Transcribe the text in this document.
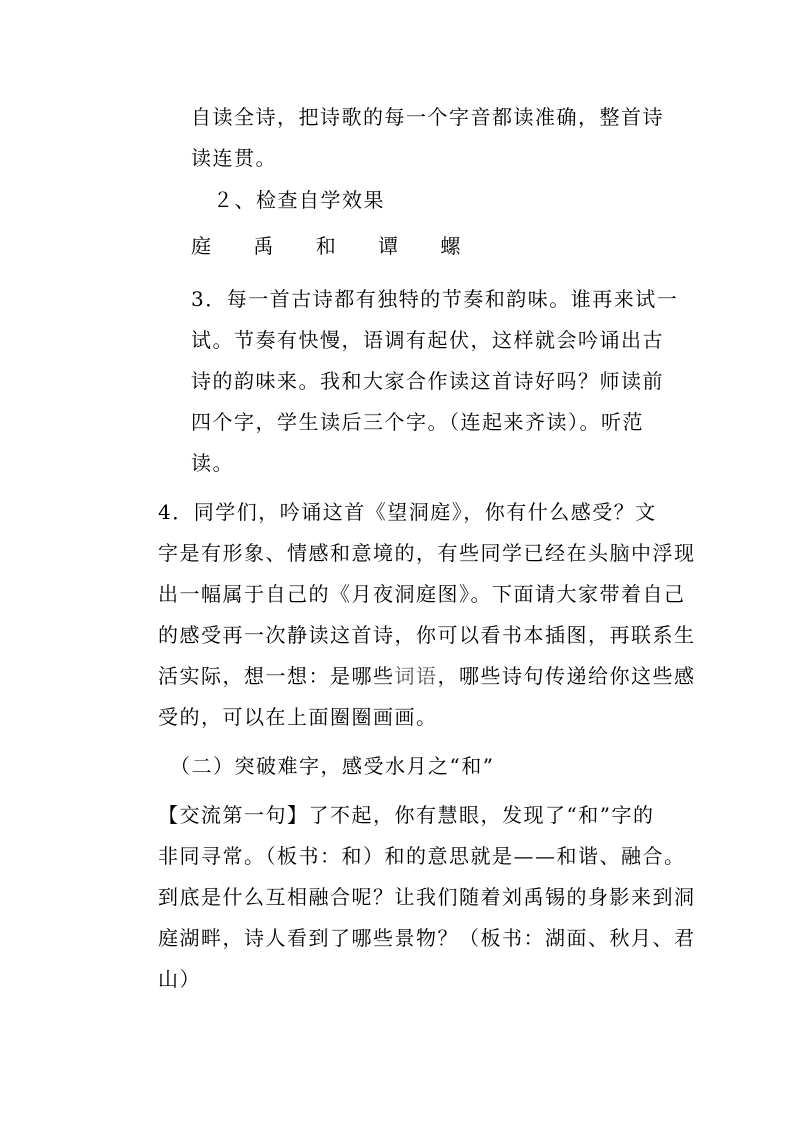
自读全诗，把诗歌的每一个字音都读准确，整首诗
读连贯。
２、检查自学效果
庭 禹 和 谭 螺
3．每一首古诗都有独特的节奏和韵味。谁再来试一
试。节奏有快慢，语调有起伏，这样就会吟诵出古
诗的韵味来。我和大家合作读这首诗好吗？师读前
四个字，学生读后三个字。（连起来齐读）。听范
读。
4．同学们，吟诵这首《望洞庭》，你有什么感受？文
字是有形象、情感和意境的，有些同学已经在头脑中浮现
出一幅属于自己的《月夜洞庭图》。下面请大家带着自己
的感受再一次静读这首诗，你可以看书本插图，再联系生
活实际，想一想：是哪些词语，哪些诗句传递给你这些感
受的，可以在上面圈圈画画。
（二）突破难字，感受水月之“和”
【交流第一句】了不起，你有慧眼，发现了“和”字的
非同寻常。（板书：和）和的意思就是——和谐、融合。
到底是什么互相融合呢？让我们随着刘禹锡的身影来到洞
庭湖畔，诗人看到了哪些景物？（板书：湖面、秋月、君
山）
